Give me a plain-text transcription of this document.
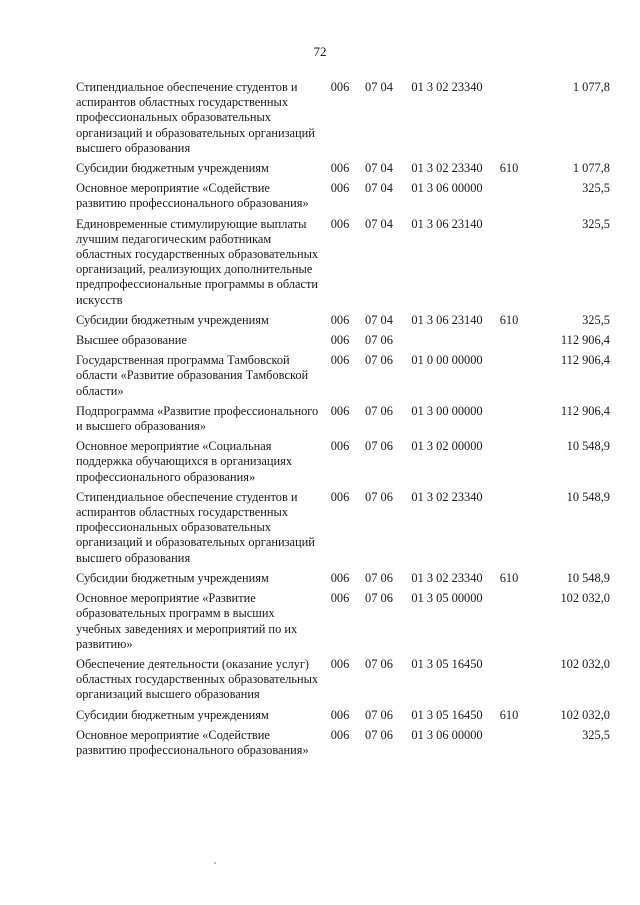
72
Стипендиальное обеспечение студентов и аспирантов областных государственных профессиональных образовательных организаций и образовательных организаций высшего образования	006	07 04	01 3 02 23340		1 077,8
Субсидии бюджетным учреждениям	006	07 04	01 3 02 23340	610	1 077,8
Основное мероприятие «Содействие развитию профессионального образования»	006	07 04	01 3 06 00000		325,5
Единовременные стимулирующие выплаты лучшим педагогическим работникам областных государственных образовательных организаций, реализующих дополнительные предпрофессиональные программы в области искусств	006	07 04	01 3 06 23140		325,5
Субсидии бюджетным учреждениям	006	07 04	01 3 06 23140	610	325,5
Высшее образование	006	07 06			112 906,4
Государственная программа Тамбовской области «Развитие образования Тамбовской области»	006	07 06	01 0 00 00000		112 906,4
Подпрограмма «Развитие профессионального и высшего образования»	006	07 06	01 3 00 00000		112 906,4
Основное мероприятие «Социальная поддержка обучающихся в организациях профессионального образования»	006	07 06	01 3 02 00000		10 548,9
Стипендиальное обеспечение студентов и аспирантов областных государственных профессиональных образовательных организаций и образовательных организаций высшего образования	006	07 06	01 3 02 23340		10 548,9
Субсидии бюджетным учреждениям	006	07 06	01 3 02 23340	610	10 548,9
Основное мероприятие «Развитие образовательных программ в высших учебных заведениях и мероприятий по их развитию»	006	07 06	01 3 05 00000		102 032,0
Обеспечение деятельности (оказание услуг) областных государственных образовательных организаций высшего образования	006	07 06	01 3 05 16450		102 032,0
Субсидии бюджетным учреждениям	006	07 06	01 3 05 16450	610	102 032,0
Основное мероприятие «Содействие развитию профессионального образования»	006	07 06	01 3 06 00000		325,5
